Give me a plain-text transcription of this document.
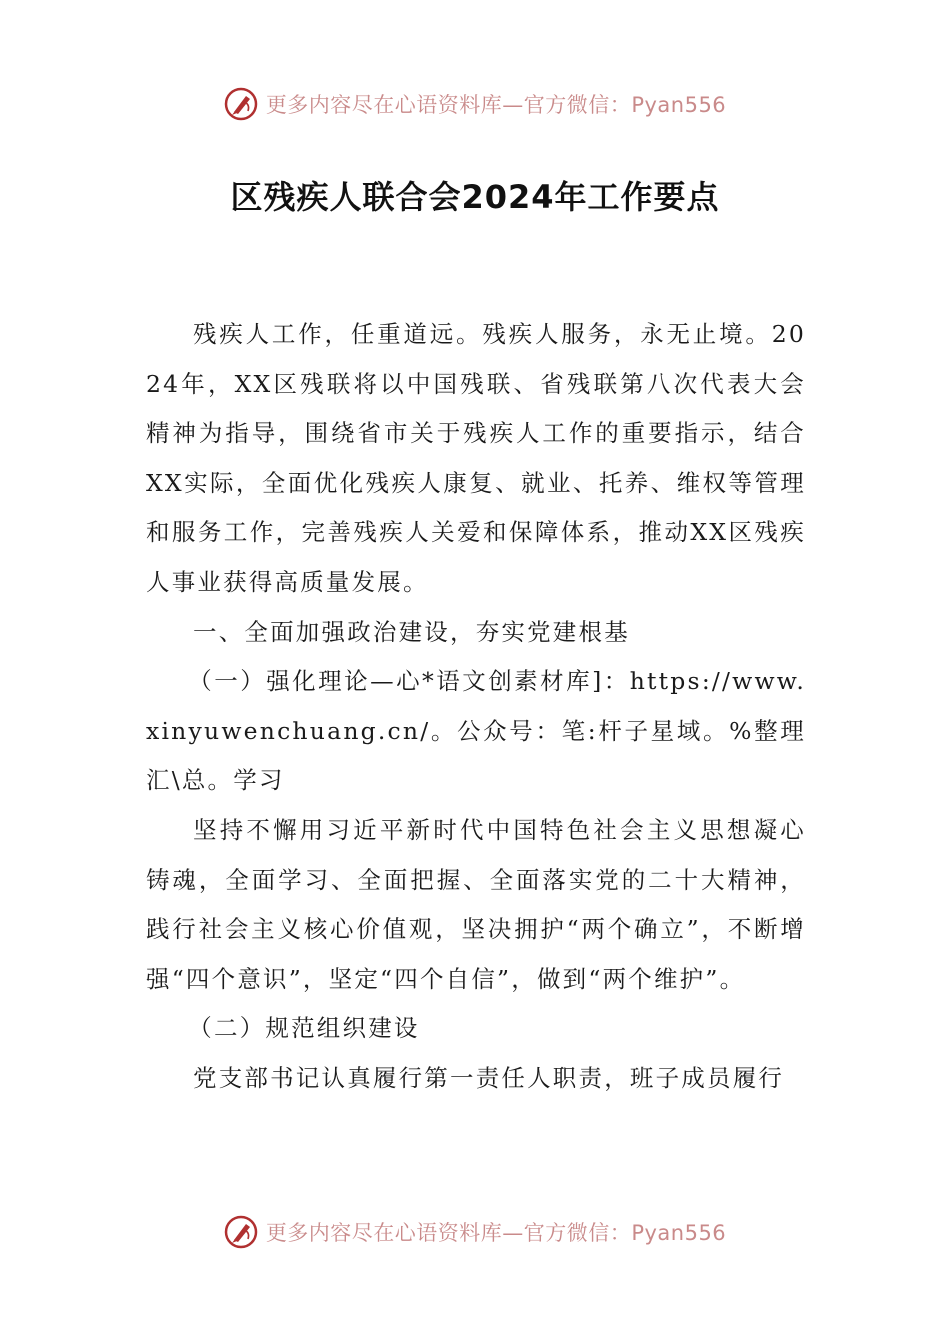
更多内容尽在心语资料库—官方微信：Pyan556
区残疾人联合会2024年工作要点

残疾人工作，任重道远。残疾人服务，永无止境。2024年，XX区残联将以中国残联、省残联第八次代表大会精神为指导，围绕省市关于残疾人工作的重要指示，结合XX实际，全面优化残疾人康复、就业、托养、维权等管理和服务工作，完善残疾人关爱和保障体系，推动XX区残疾人事业获得高质量发展。

一、全面加强政治建设，夯实党建根基

（一）强化理论—心*语文创素材库]：https://www.xinyuwenchuang.cn/。公众号：笔:杆子星域。%整理汇\总。学习

坚持不懈用习近平新时代中国特色社会主义思想凝心铸魂，全面学习、全面把握、全面落实党的二十大精神，践行社会主义核心价值观，坚决拥护“两个确立”，不断增强“四个意识”，坚定“四个自信”，做到“两个维护”。

（二）规范组织建设

党支部书记认真履行第一责任人职责，班子成员履行

更多内容尽在心语资料库—官方微信：Pyan556
